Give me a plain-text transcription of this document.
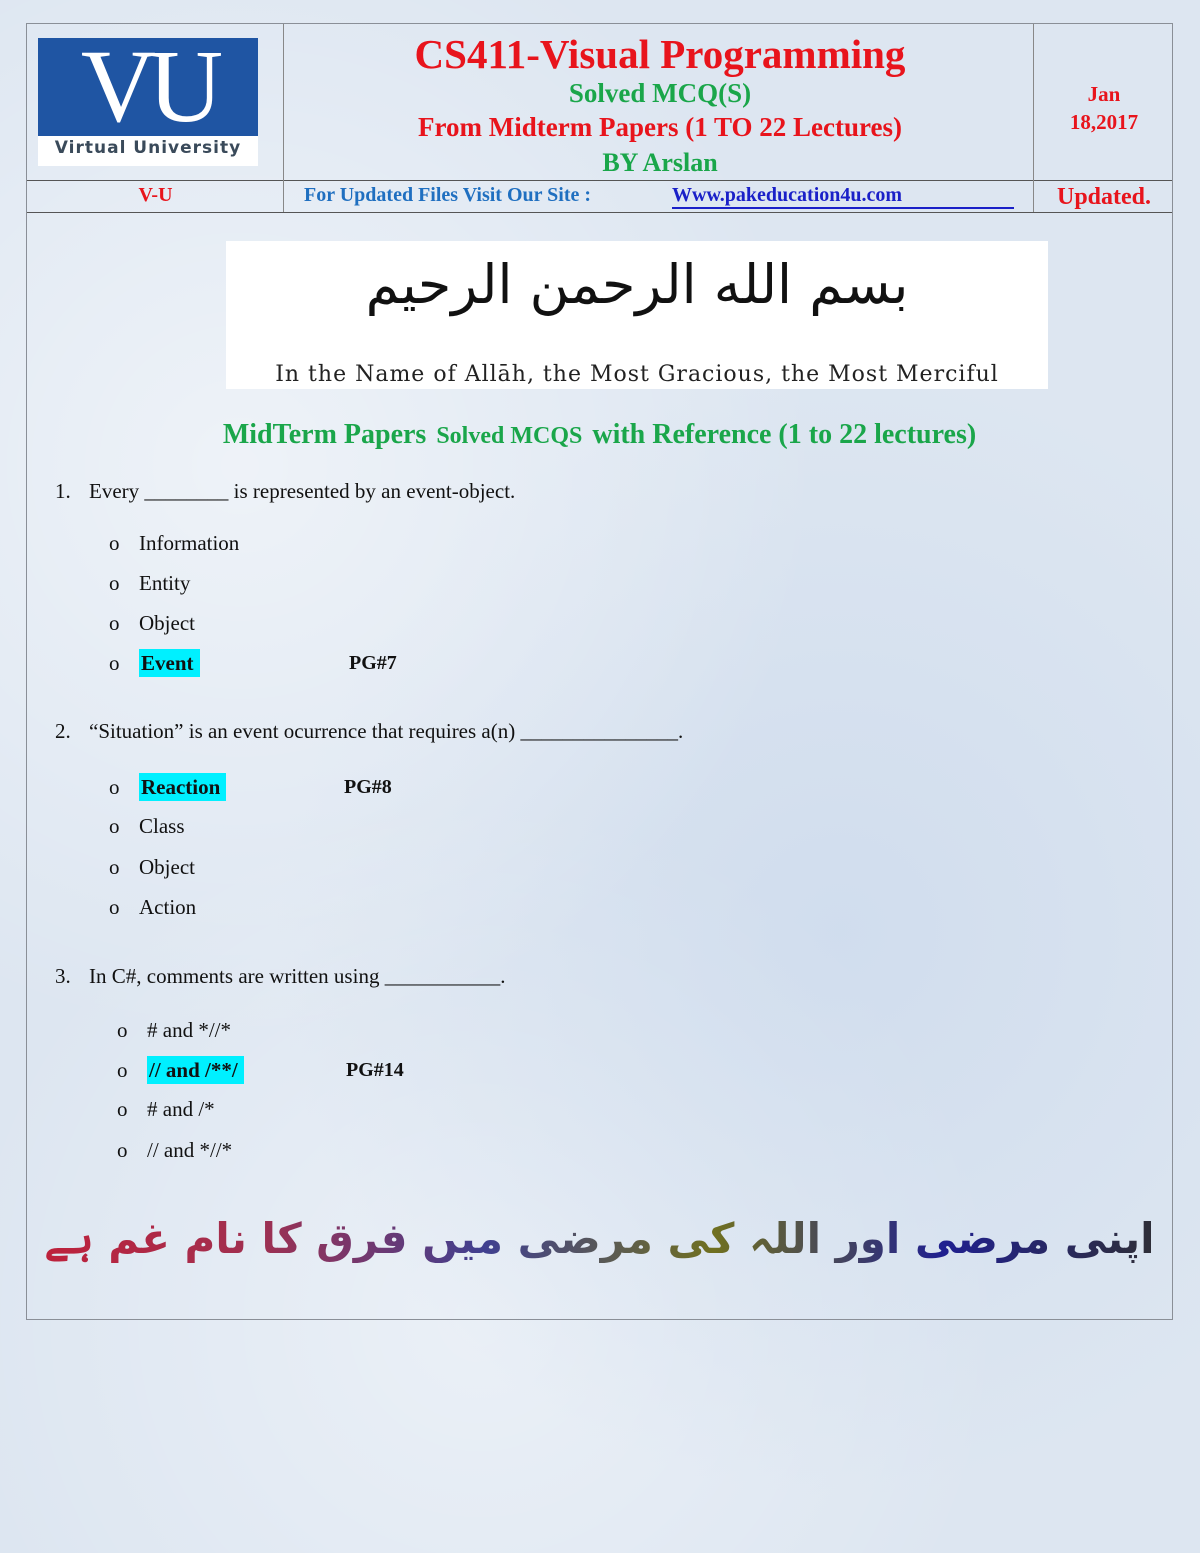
VU
Virtual University
CS411-Visual Programming
Solved MCQ(S)
From Midterm Papers (1 TO 22 Lectures)
BY Arslan
Jan
18,2017
V-U	For Updated Files Visit Our Site :	Www.pakeducation4u.com	Updated.
بسم الله الرحمن الرحيم
In the Name of Allāh, the Most Gracious, the Most Merciful
MidTerm Papers Solved MCQS with Reference (1 to 22 lectures)
1. Every ________ is represented by an event-object.
o Information
o Entity
o Object
o Event	PG#7
2. “Situation” is an event ocurrence that requires a(n) _______________.
o Reaction	PG#8
o Class
o Object
o Action
3. In C#, comments are written using ___________.
o # and *//*
o // and /**/	PG#14
o # and /*
o // and *//*
اپنی مرضی اور اللہ کی مرضی میں فرق کا نام غم ہے
